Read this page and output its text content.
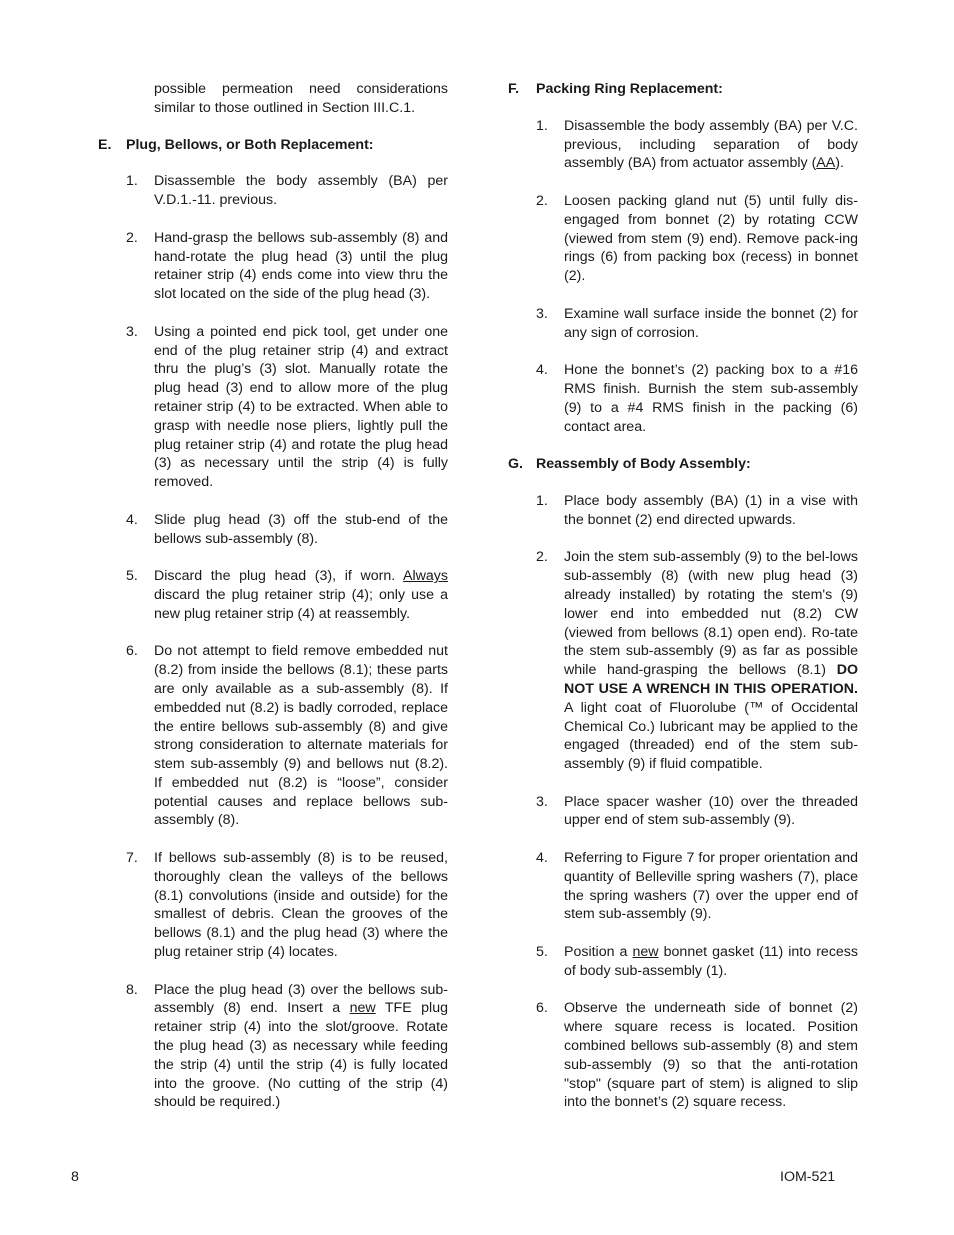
possible permeation need considerations similar to those outlined in Section III.C.1.
E.	Plug, Bellows, or Both Replacement:
1.	Disassemble the body assembly (BA) per V.D.1.-11. previous.
2.	Hand-grasp the bellows sub-assembly (8) and hand-rotate the plug head (3) until the plug retainer strip (4) ends come into view thru the slot located on the side of the plug head (3).
3.	Using a pointed end pick tool, get under one end of the plug retainer strip (4) and extract thru the plug’s (3) slot. Manually rotate the plug head (3) end to allow more of the plug retainer strip (4) to be extracted. When able to grasp with needle nose pliers, lightly pull the plug retainer strip (4) and rotate the plug head (3) as necessary until the strip (4) is fully removed.
4.	Slide plug head (3) off the stub-end of the bellows sub-assembly (8).
5.	Discard the plug head (3), if worn. Always discard the plug retainer strip (4); only use a new plug retainer strip (4) at reassembly.
6.	Do not attempt to field remove embedded nut (8.2) from inside the bellows (8.1); these parts are only available as a sub-assembly (8). If embedded nut (8.2) is badly corroded, replace the entire bellows sub-assembly (8) and give strong consideration to alternate materials for stem sub-assembly (9) and bellows nut (8.2). If embedded nut (8.2) is “loose”, consider potential causes and replace bellows sub-assembly (8).
7.	If bellows sub-assembly (8) is to be reused, thoroughly clean the valleys of the bellows (8.1) convolutions (inside and outside) for the smallest of debris. Clean the grooves of the bellows (8.1) and the plug head (3) where the plug retainer strip (4) locates.
8.	Place the plug head (3) over the bellows sub-assembly (8) end. Insert a new TFE plug retainer strip (4) into the slot/groove. Rotate the plug head (3) as necessary while feeding the strip (4) until the strip (4) is fully located into the groove. (No cutting of the strip (4) should be required.)
F.	Packing Ring Replacement:
1.	Disassemble the body assembly (BA) per V.C. previous, including separation of body assembly (BA) from actuator assembly (AA).
2.	Loosen packing gland nut (5) until fully dis-engaged from bonnet (2) by rotating CCW (viewed from stem (9) end). Remove pack-ing rings (6) from packing box (recess) in bonnet (2).
3.	Examine wall surface inside the bonnet (2) for any sign of corrosion.
4.	Hone the bonnet’s (2) packing box to a #16 RMS finish. Burnish the stem sub-assembly (9) to a #4 RMS finish in the packing (6) contact area.
G. Reassembly of Body Assembly:
1.	Place body assembly (BA) (1) in a vise with the bonnet (2) end directed upwards.
2.	Join the stem sub-assembly (9) to the bel-lows sub-assembly (8) (with new plug head (3) already installed) by rotating the stem's (9) lower end into embedded nut (8.2) CW (viewed from bellows (8.1) open end). Ro-tate the stem sub-assembly (9) as far as possible while hand-grasping the bellows (8.1) DO NOT USE A WRENCH IN THIS OPERATION. A light coat of Fluorolube (™ of Occidental Chemical Co.) lubricant may be applied to the engaged (threaded) end of the stem sub-assembly (9) if fluid compatible.
3.	Place spacer washer (10) over the threaded upper end of stem sub-assembly (9).
4.	Referring to Figure 7 for proper orientation and quantity of Belleville spring washers (7), place the spring washers (7) over the upper end of stem sub-assembly (9).
5.	Position a new bonnet gasket (11) into recess of body sub-assembly (1).
6.	Observe the underneath side of bonnet (2) where square recess is located. Position combined bellows sub-assembly (8) and stem sub-assembly (9) so that the anti-rotation "stop" (square part of stem) is aligned to slip into the bonnet’s (2) square recess.
8	IOM-521
